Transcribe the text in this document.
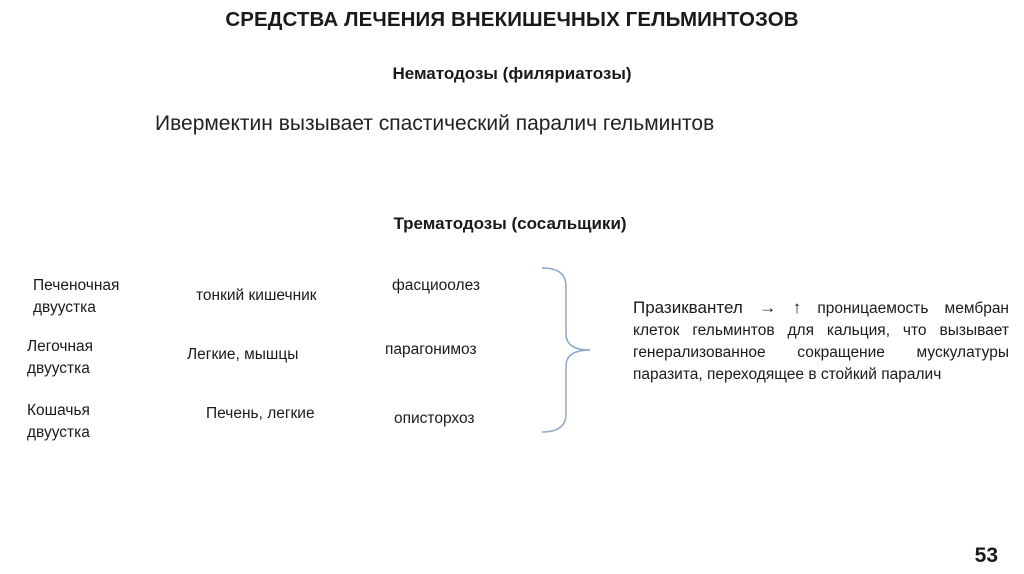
СРЕДСТВА ЛЕЧЕНИЯ ВНЕКИШЕЧНЫХ ГЕЛЬМИНТОЗОВ
Нематодозы (филяриатозы)
Ивермектин вызывает спастический паралич гельминтов
Трематодозы (сосальщики)
Печеночная двуустка
тонкий кишечник
фасциоолез
Легочная двуустка
Легкие, мышцы	парагонимоз
Кошачья двуустка
Печень, легкие	описторхоз
Празиквантел → ↑ проницаемость мембран клеток гельминтов для кальция, что вызывает генерализованное сокращение мускулатуры паразита, переходящее в стойкий паралич
53
